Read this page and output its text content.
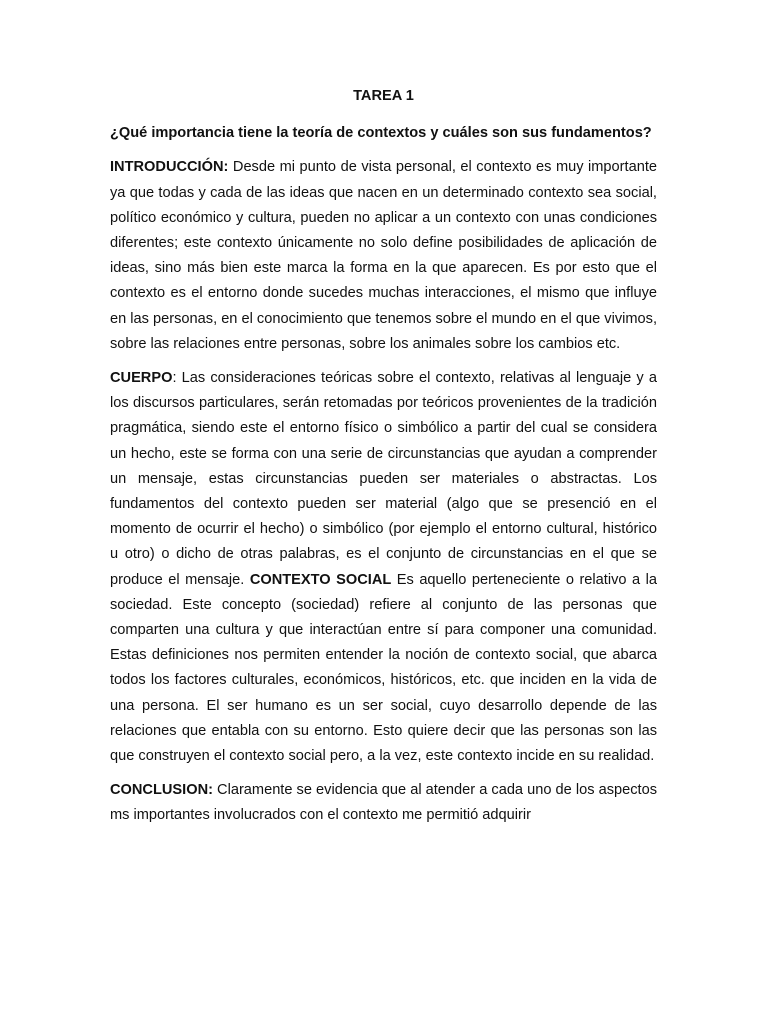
TAREA 1
¿Qué importancia tiene la teoría de contextos y cuáles son sus fundamentos?
INTRODUCCIÓN: Desde mi punto de vista personal, el contexto es muy importante ya que todas y cada de las ideas que nacen en un determinado contexto sea social, político económico y cultura, pueden no aplicar a un contexto con unas condiciones diferentes; este contexto únicamente no solo define posibilidades de aplicación de ideas, sino más bien este marca la forma en la que aparecen. Es por esto que el contexto es el entorno donde sucedes muchas interacciones, el mismo que influye en las personas, en el conocimiento que tenemos sobre el mundo en el que vivimos, sobre las relaciones entre personas, sobre los animales sobre los cambios etc.
CUERPO: Las consideraciones teóricas sobre el contexto, relativas al lenguaje y a los discursos particulares, serán retomadas por teóricos provenientes de la tradición pragmática, siendo este el entorno físico o simbólico a partir del cual se considera un hecho, este se forma con una serie de circunstancias que ayudan a comprender un mensaje, estas circunstancias pueden ser materiales o abstractas. Los fundamentos del contexto pueden ser material (algo que se presenció en el momento de ocurrir el hecho) o simbólico (por ejemplo el entorno cultural, histórico u otro) o dicho de otras palabras, es el conjunto de circunstancias en el que se produce el mensaje. CONTEXTO SOCIAL Es aquello perteneciente o relativo a la sociedad. Este concepto (sociedad) refiere al conjunto de las personas que comparten una cultura y que interactúan entre sí para componer una comunidad. Estas definiciones nos permiten entender la noción de contexto social, que abarca todos los factores culturales, económicos, históricos, etc. que inciden en la vida de una persona. El ser humano es un ser social, cuyo desarrollo depende de las relaciones que entabla con su entorno. Esto quiere decir que las personas son las que construyen el contexto social pero, a la vez, este contexto incide en su realidad.
CONCLUSION: Claramente se evidencia que al atender a cada uno de los aspectos ms importantes involucrados con el contexto me permitió adquirir
